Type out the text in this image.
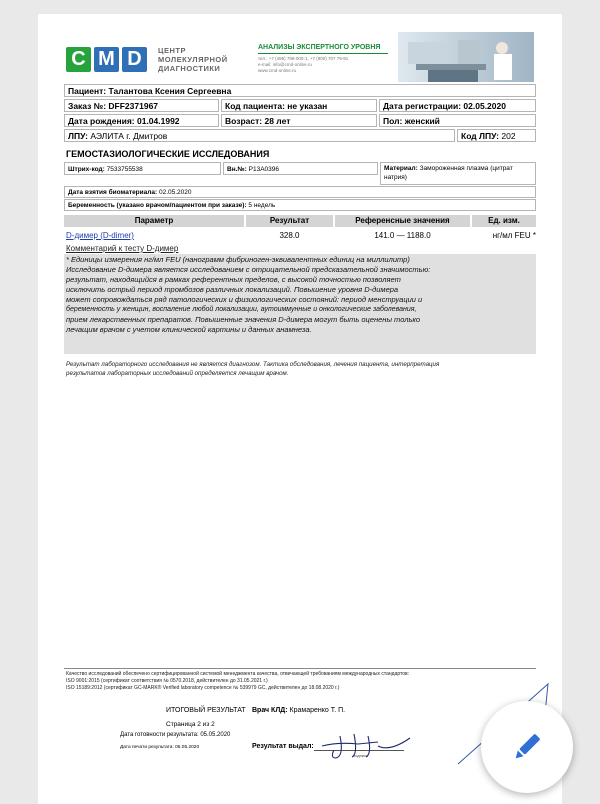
C M D	ЦЕНТР
МОЛЕКУЛЯРНОЙ
ДИАГНОСТИКИ
АНАЛИЗЫ ЭКСПЕРТНОГО УРОВНЯ
тел.: +7 (495) 788-000-1, +7 (800) 707 79-91
e-mail: info@cmd-online.ru
www.cmd-online.ru
Пациент: Талантова Ксения Сергеевна
Заказ №: DFF2371967	Код пациента: не указан	Дата регистрации: 02.05.2020
Дата рождения: 01.04.1992	Возраст: 28 лет	Пол: женский
ЛПУ: АЭЛИТА г. Дмитров	Код ЛПУ: 202
ГЕМОСТАЗИОЛОГИЧЕСКИЕ ИССЛЕДОВАНИЯ
Штрих-код: 7533755538	Вн.№: P13A0396	Материал: Замороженная плазма (цитрат натрия)
Дата взятия биоматериала: 02.05.2020
Беременность (указано врачом/пациентом при заказе): 5 недель
Параметр	Результат	Референсные значения	Ед. изм.
D-димер (D-dimer)	328.0	141.0 — 1188.0	нг/мл FEU *
Комментарий к тесту D-димер
* Единицы измерения нг/мл FEU (нанограмм фибриноген-эквивалентных единиц на миллилитр)
Исследование D-димера является исследованием с отрицательной предсказательной значимостью:
результат, находящийся в рамках референтных пределов, с высокой точностью позволяет
исключить острый период тромбозов различных локализаций. Повышение уровня D-димера
может сопровождаться ряд патологических и физиологических состояний: период менструации и
беременность у женщин, воспаление любой локализации, аутоиммунные и онкологические заболевания,
прием лекарственных препаратов. Повышенные значения D-димера могут быть оценены только
лечащим врачом с учетом клинической картины и данных анамнеза.
Результат лабораторного исследования не является диагнозом. Тактика обследования, лечения пациента, интерпретация
результатов лабораторных исследований определяется лечащим врачом.
Качество исследований обеспечено сертифицированной системой менеджмента качества, отвечающей требованиям международных стандартов:
ISO 9001:2015 (сертификат соответствия № 0570.2018, действителен до 31.05.2021 г.)
ISO 15189:2012 (сертификат GC-MARK® Verified laboratory competence № 539979 GC, действителен до 18.08.2020 г.)
ИТОГОВЫЙ РЕЗУЛЬТАТ Врач КЛД: Крамаренко Т. П.
Страница 2 из 2
Дата готовности результата: 05.05.2020
Дата печати результата: 05.05.2020	Результат выдал:
подпись
